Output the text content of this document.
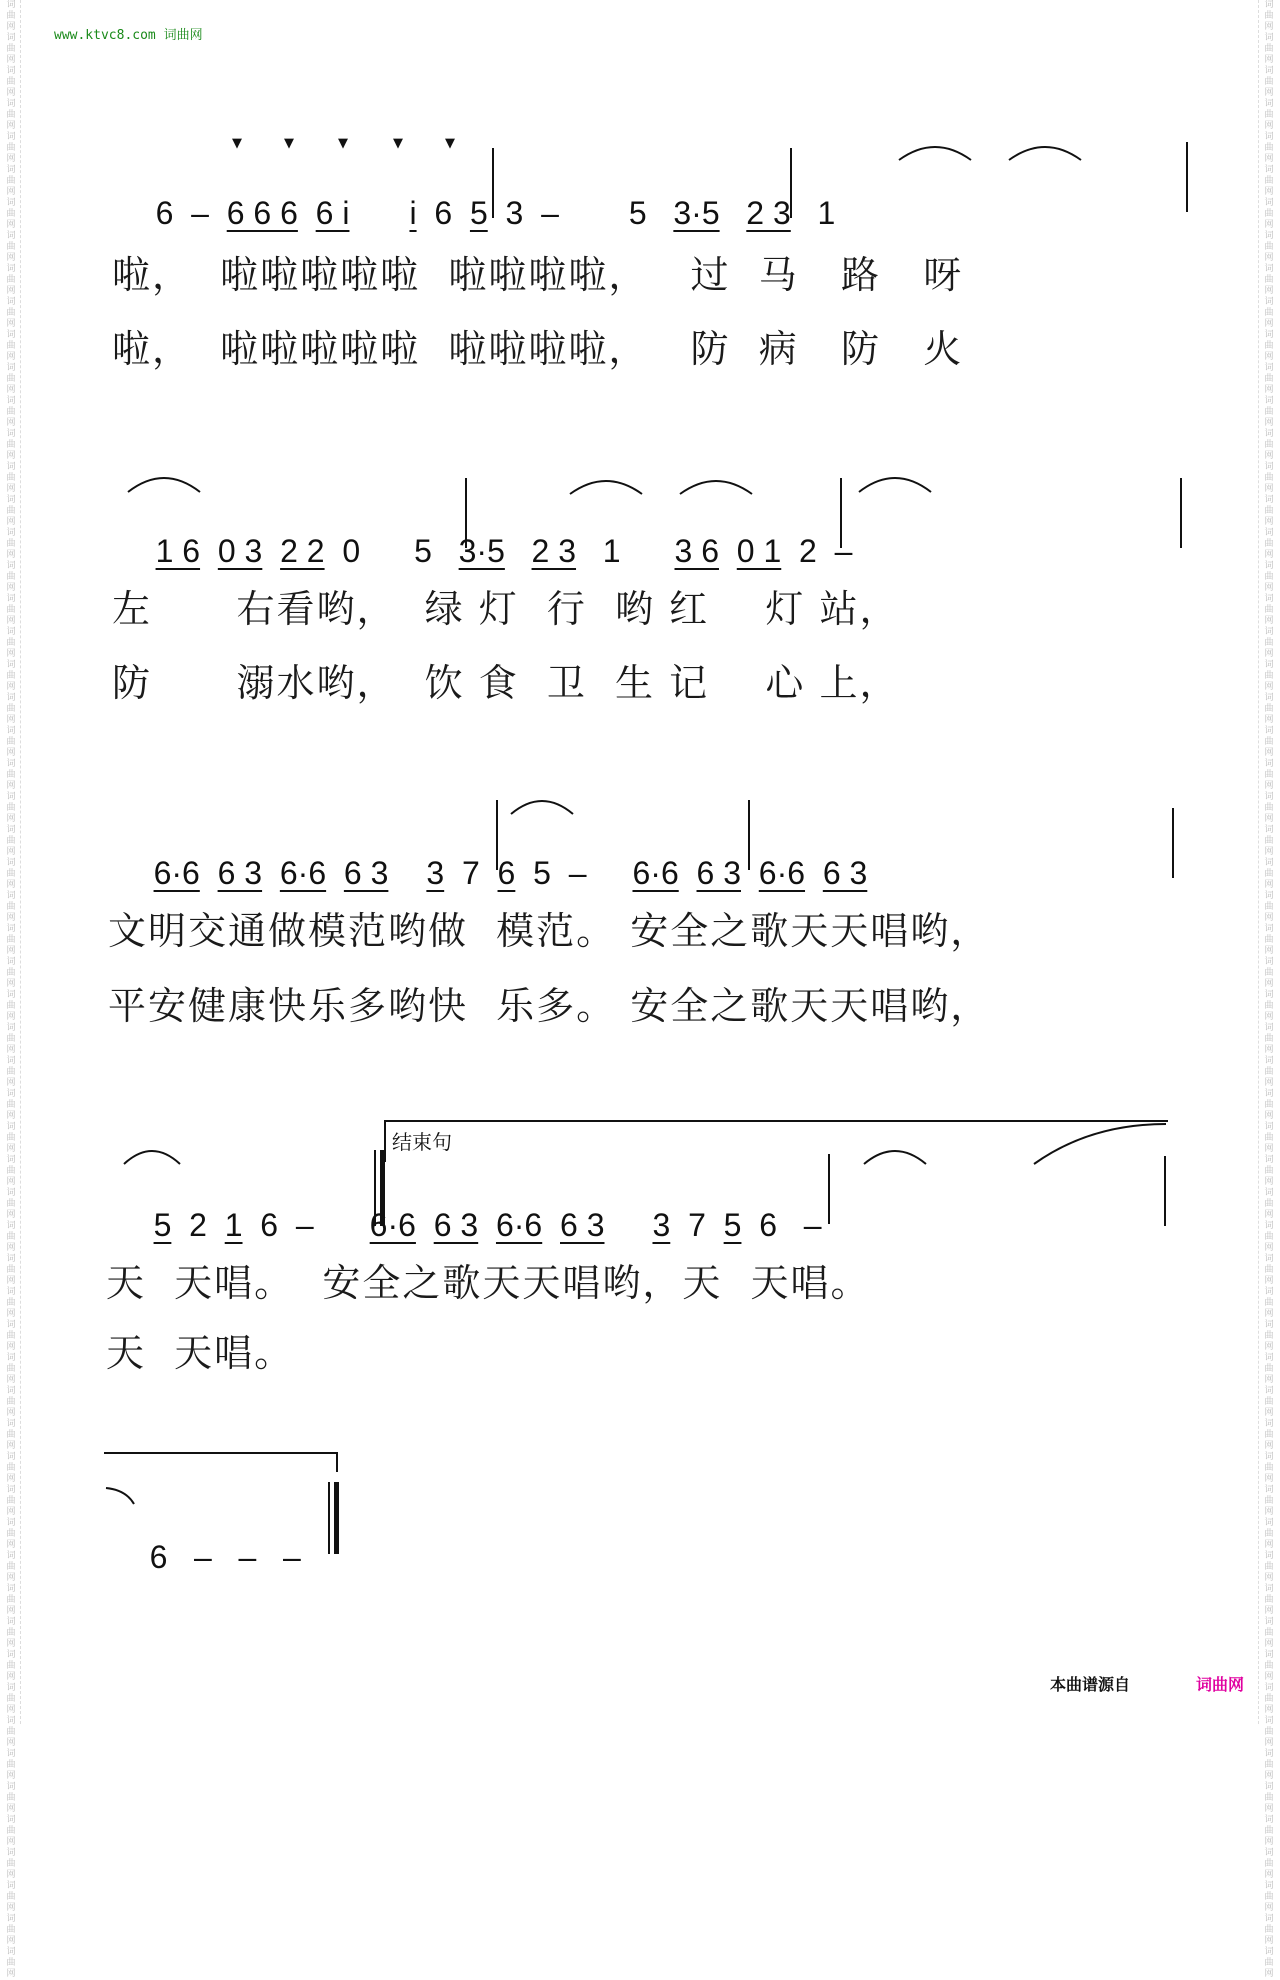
词曲网词曲网词曲网词曲网词曲网词曲网词曲网词曲网词曲网词曲网词曲网词曲网词曲网词曲网词曲网词曲网词曲网词曲网词曲网词曲网词曲网词曲网词曲网词曲网词曲网词曲网词曲网词曲网词曲网词曲网词曲网词曲网词曲网词曲网词曲网词曲网词曲网词曲网词曲网词曲网词曲网词曲网词曲网词曲网词曲网词曲网词曲网词曲网词曲网词曲网词曲网词曲网词曲网词曲网词曲网词曲网词曲网词曲网词曲网词曲网
词曲网词曲网词曲网词曲网词曲网词曲网词曲网词曲网词曲网词曲网词曲网词曲网词曲网词曲网词曲网词曲网词曲网词曲网词曲网词曲网词曲网词曲网词曲网词曲网词曲网词曲网词曲网词曲网词曲网词曲网词曲网词曲网词曲网词曲网词曲网词曲网词曲网词曲网词曲网词曲网词曲网词曲网词曲网词曲网词曲网词曲网词曲网词曲网词曲网词曲网词曲网词曲网词曲网词曲网词曲网词曲网词曲网词曲网词曲网词曲网
www.ktvc8.com 词曲网

6  –  6 6 6 6 i i  6  5  3  – 5   3·5 2 3   1

▼	▼	▼	▼	▼
啦，  啦啦啦啦啦  啦啦啦啦，   过  马   路   呀
啦，  啦啦啦啦啦  啦啦啦啦，   防  病   防   火

1 6 0 3 2 2  0 5   3·5 2 3   1 3 6 0 1  2  –

左      右看哟，  绿 灯  行  哟 红    灯 站，
防      溺水哟，  饮 食  卫  生 记    心 上，

6·6 6 3 6·6 6 3 3  7  6  5  – 6·6 6 3 6·6 6 3

文明交通做模范哟做  模范。 安全之歌天天唱哟，
平安健康快乐多哟快  乐多。 安全之歌天天唱哟，
结束句

5  2  1  6  – 6·6 6 3 6·6 6 3 3  7  5  6   –

天  天唱。  安全之歌天天唱哟，天  天唱。
天  天唱。

6   –   –   –

本曲谱源自	词曲网
